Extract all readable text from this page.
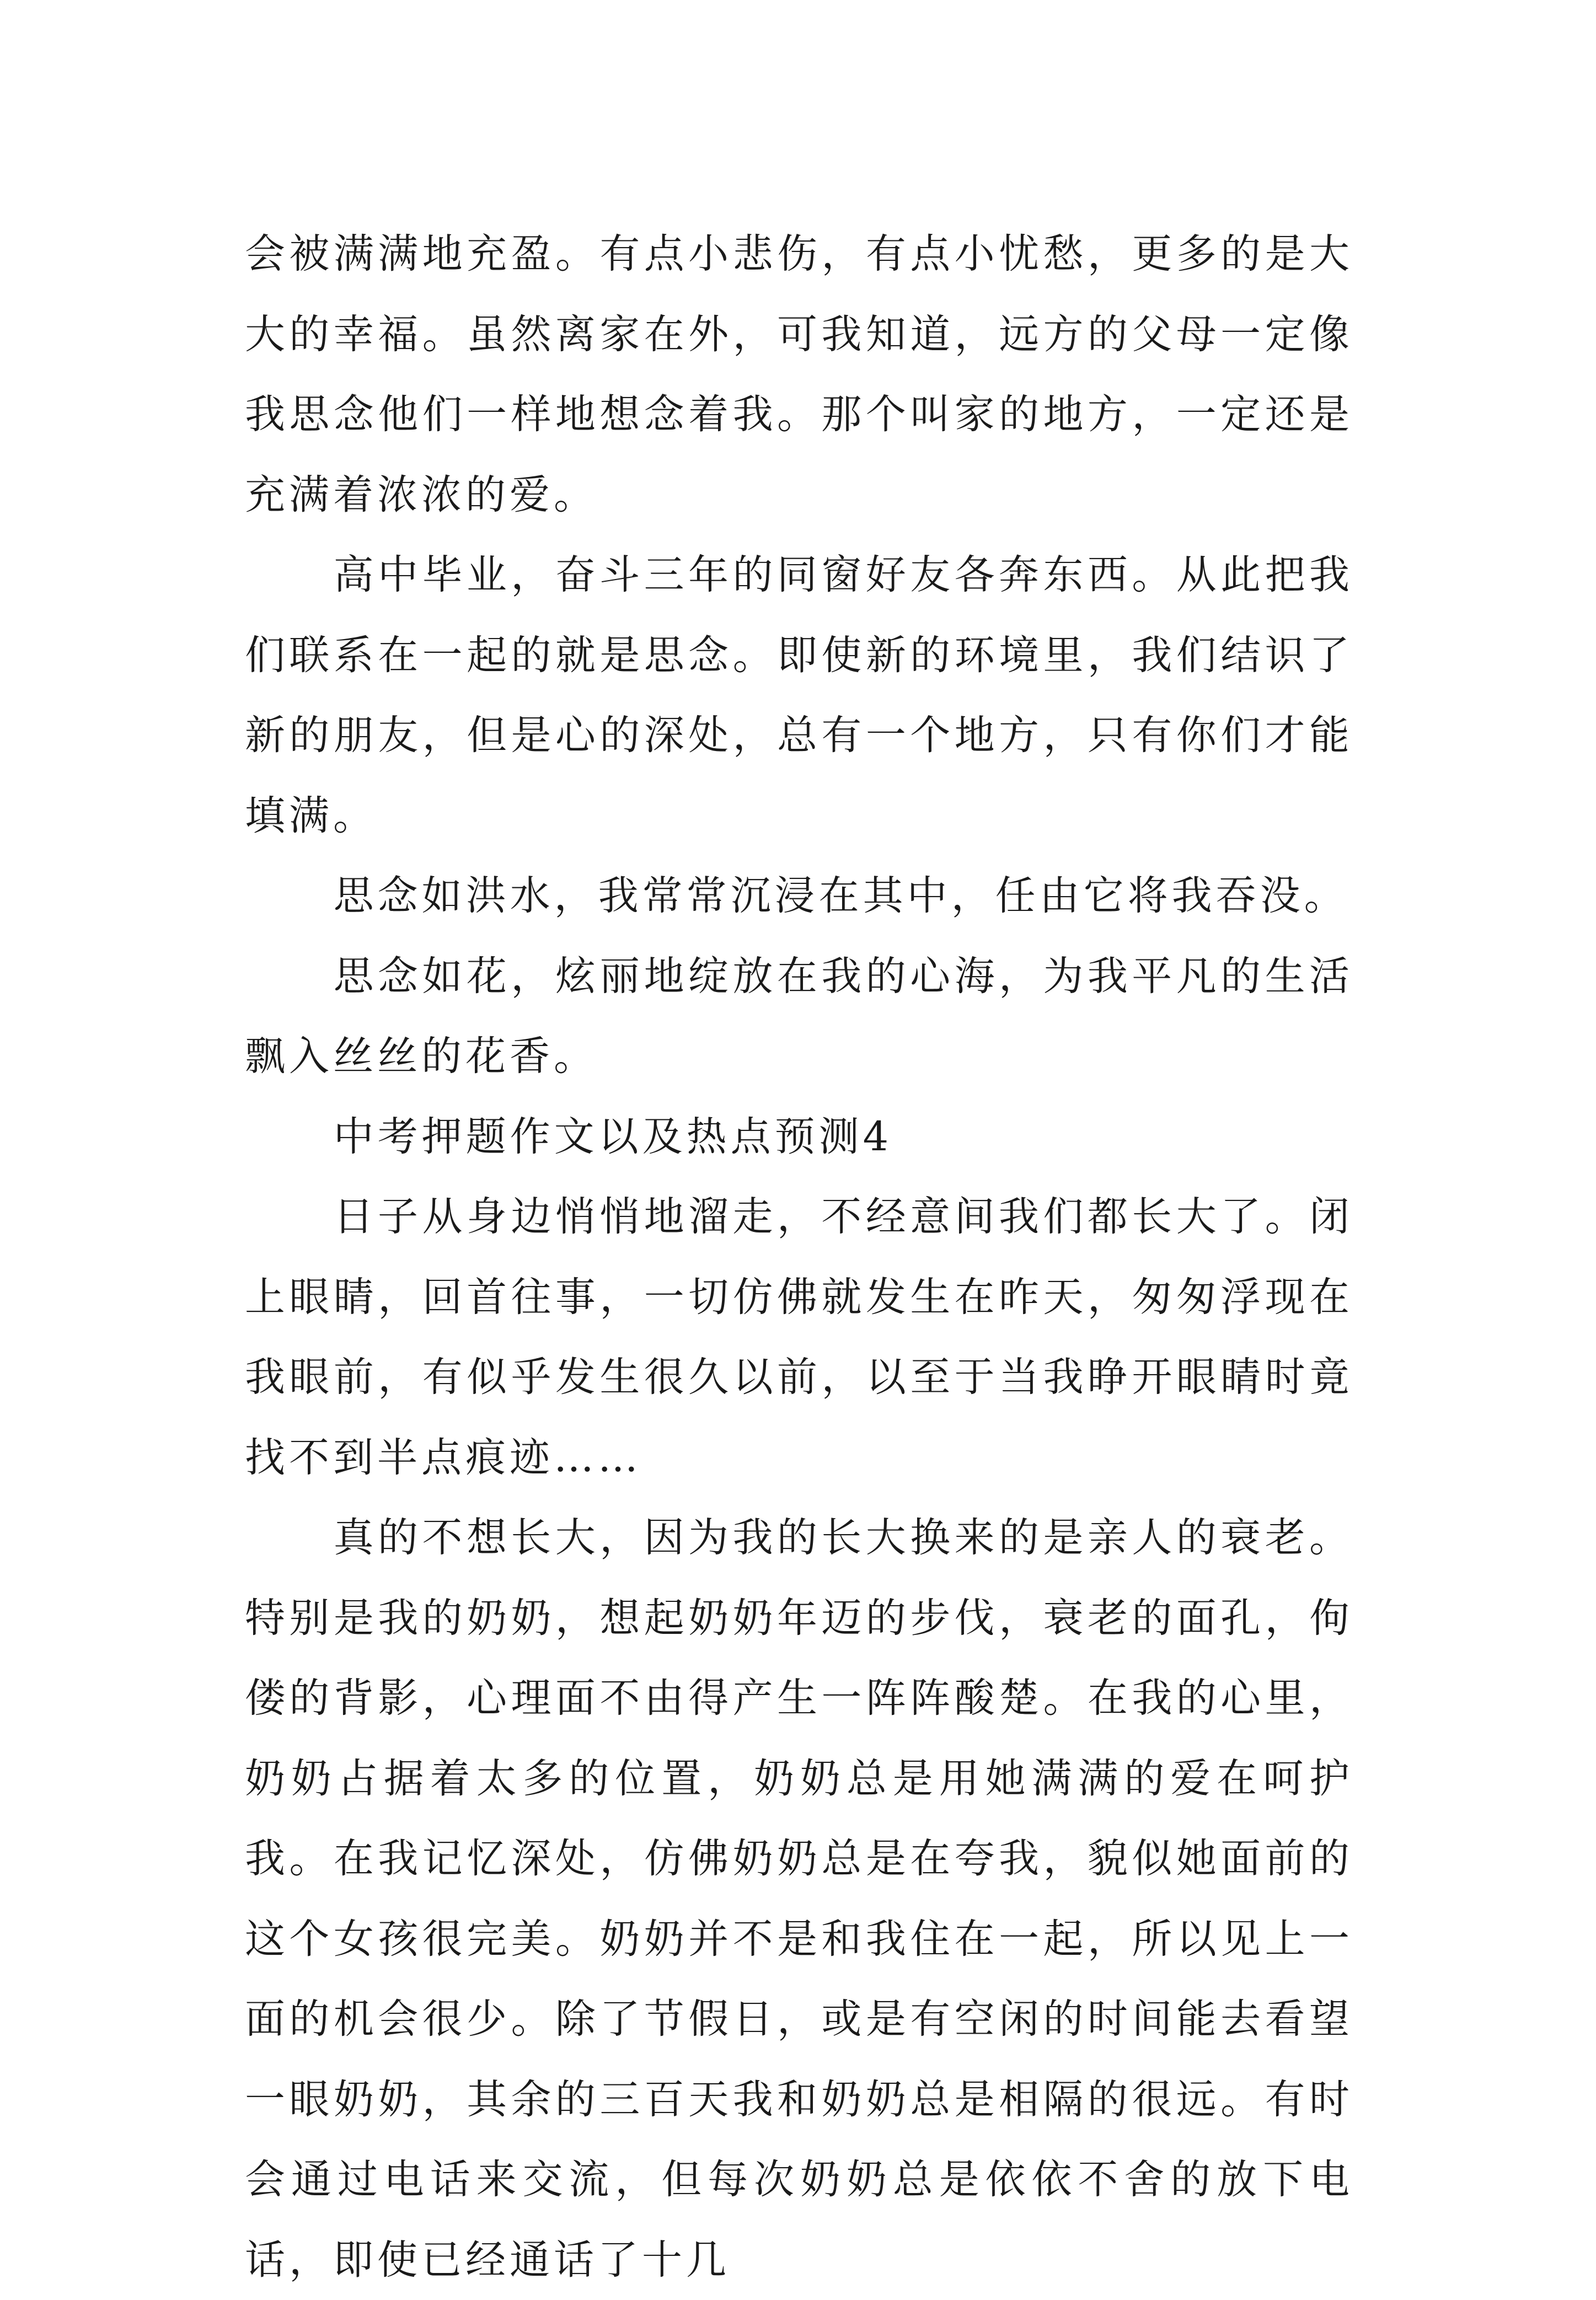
会被满满地充盈。有点小悲伤，有点小忧愁，更多的是大大的幸福。虽然离家在外，可我知道，远方的父母一定像我思念他们一样地想念着我。那个叫家的地方，一定还是充满着浓浓的爱。

高中毕业，奋斗三年的同窗好友各奔东西。从此把我们联系在一起的就是思念。即使新的环境里，我们结识了新的朋友，但是心的深处，总有一个地方，只有你们才能填满。

思念如洪水，我常常沉浸在其中，任由它将我吞没。

思念如花，炫丽地绽放在我的心海，为我平凡的生活飘入丝丝的花香。

中考押题作文以及热点预测4

日子从身边悄悄地溜走，不经意间我们都长大了。闭上眼睛，回首往事，一切仿佛就发生在昨天，匆匆浮现在我眼前，有似乎发生很久以前，以至于当我睁开眼睛时竟找不到半点痕迹……

真的不想长大，因为我的长大换来的是亲人的衰老。特别是我的奶奶，想起奶奶年迈的步伐，衰老的面孔，佝偻的背影，心理面不由得产生一阵阵酸楚。在我的心里，奶奶占据着太多的位置，奶奶总是用她满满的爱在呵护我。在我记忆深处，仿佛奶奶总是在夸我，貌似她面前的这个女孩很完美。奶奶并不是和我住在一起，所以见上一面的机会很少。除了节假日，或是有空闲的时间能去看望一眼奶奶，其余的三百天我和奶奶总是相隔的很远。有时会通过电话来交流，但每次奶奶总是依依不舍的放下电话，即使已经通话了十几
